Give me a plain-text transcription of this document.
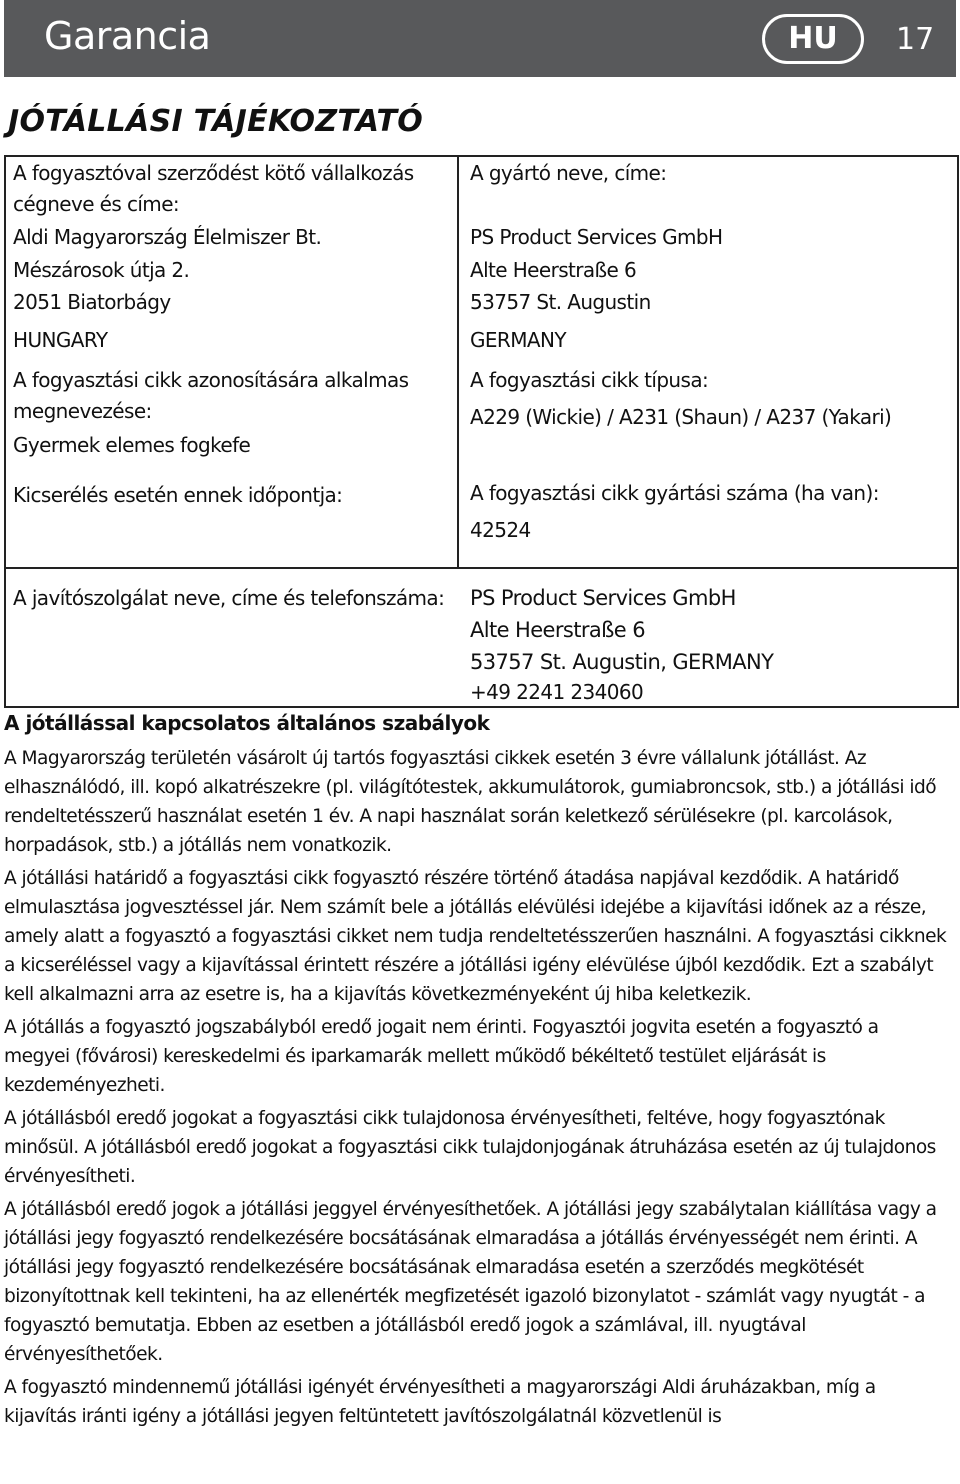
Garancia	HU	17
JÓTÁLLÁSI TÁJÉKOZTATÓ
A fogyasztóval szerződést kötő vállalkozás
cégneve és címe:
Aldi Magyarország Élelmiszer Bt.
Mészárosok útja 2.
2051 Biatorbágy
HUNGARY
A fogyasztási cikk azonosítására alkalmas
megnevezése:
Gyermek elemes fogkefe
Kicserélés esetén ennek időpontja:
A gyártó neve, címe:
PS Product Services GmbH
Alte Heerstraße 6
53757 St. Augustin
GERMANY
A fogyasztási cikk típusa:
A229 (Wickie) / A231 (Shaun) / A237 (Yakari)
A fogyasztási cikk gyártási száma (ha van):
42524
A javítószolgálat neve, címe és telefonszáma: PS Product Services GmbH
Alte Heerstraße 6
53757 St. Augustin, GERMANY
+49 2241 234060
A jótállással kapcsolatos általános szabályok

A Magyarország területén vásárolt új tartós fogyasztási cikkek esetén 3 évre vállalunk jótállást. Az elhasználódó, ill. kopó alkatrészekre (pl. világítótestek, akkumulátorok, gumiabroncsok, stb.) a jótállási idő rendeltetésszerű használat esetén 1 év. A napi használat során keletkező sérülésekre (pl. karcolások, horpadások, stb.) a jótállás nem vonatkozik.

A jótállási határidő a fogyasztási cikk fogyasztó részére történő átadása napjával kezdődik. A határidő elmulasztása jogvesztéssel jár. Nem számít bele a jótállás elévülési idejébe a kijavítási időnek az a része, amely alatt a fogyasztó a fogyasztási cikket nem tudja rendeltetésszerűen használni. A fogyasztási cikknek a kicseréléssel vagy a kijavítással érintett részére a jótállási igény elévülése újból kezdődik. Ezt a szabályt kell alkalmazni arra az esetre is, ha a kijavítás következményeként új hiba keletkezik.

A jótállás a fogyasztó jogszabályból eredő jogait nem érinti. Fogyasztói jogvita esetén a fogyasztó a megyei (fővárosi) kereskedelmi és iparkamarák mellett működő békéltető testület eljárását is kezdeményezheti.

A jótállásból eredő jogokat a fogyasztási cikk tulajdonosa érvényesítheti, feltéve, hogy fogyasztónak minősül. A jótállásból eredő jogokat a fogyasztási cikk tulajdonjogának átruházása esetén az új tulajdonos érvényesítheti.

A jótállásból eredő jogok a jótállási jeggyel érvényesíthetőek. A jótállási jegy szabálytalan kiállítása vagy a jótállási jegy fogyasztó rendelkezésére bocsátásának elmaradása a jótállás érvényességét nem érinti. A jótállási jegy fogyasztó rendelkezésére bocsátásának elmaradása esetén a szerződés megkötését bizonyítottnak kell tekinteni, ha az ellenérték megfizetését igazoló bizonylatot - számlát vagy nyugtát - a fogyasztó bemutatja. Ebben az esetben a jótállásból eredő jogok a számlával, ill. nyugtával érvényesíthetőek.

A fogyasztó mindennemű jótállási igényét érvényesítheti a magyarországi Aldi áruházakban, míg a kijavítás iránti igény a jótállási jegyen feltüntetett javítószolgálatnál közvetlenül is
